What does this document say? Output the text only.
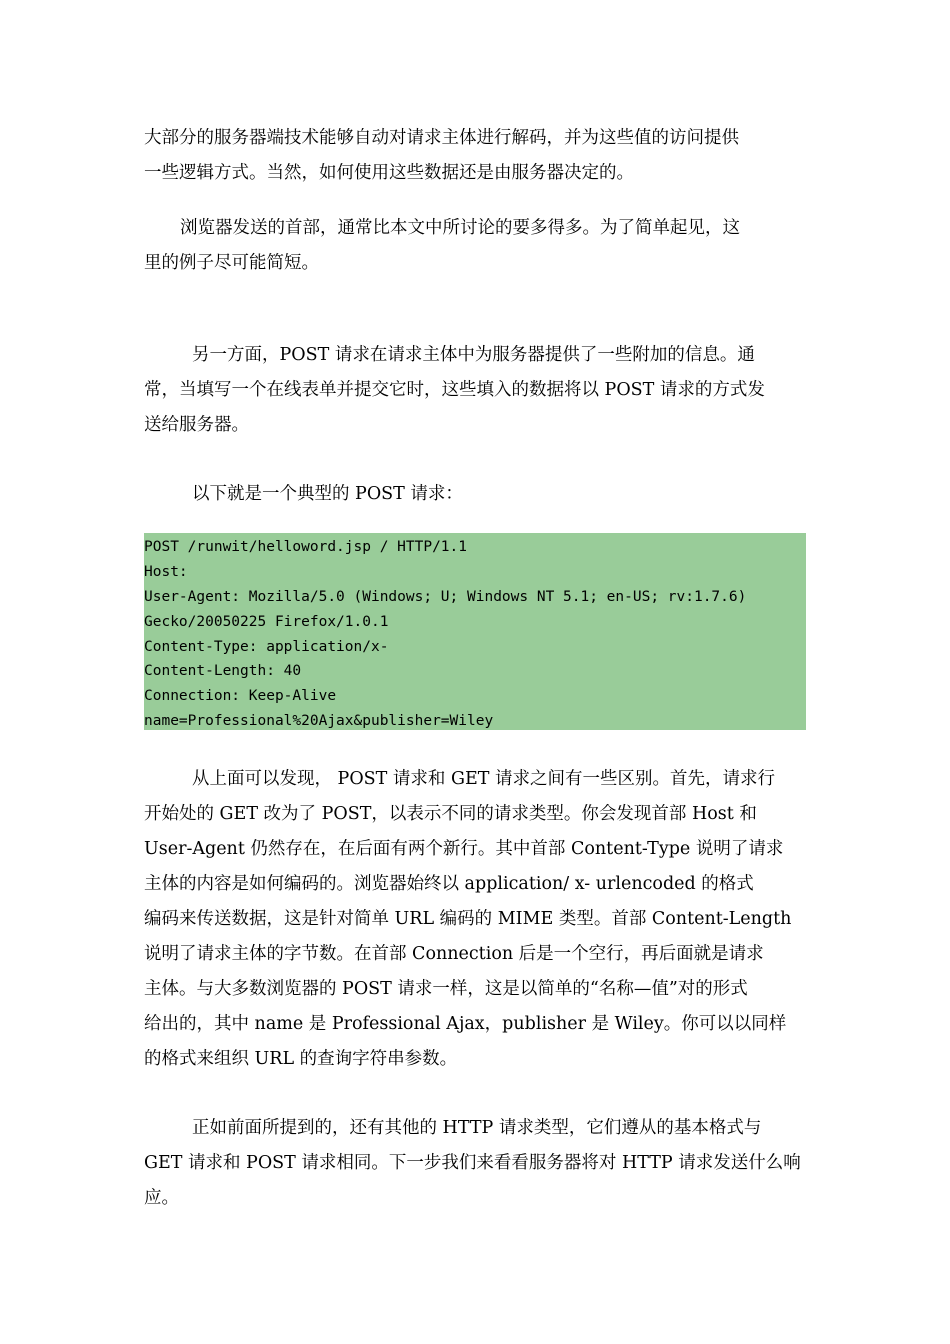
大部分的服务器端技术能够自动对请求主体进行解码，并为这些值的访问提供
一些逻辑方式。当然，如何使用这些数据还是由服务器决定的。
浏览器发送的首部，通常比本文中所讨论的要多得多。为了简单起见，这
里的例子尽可能简短。
另一方面，POST 请求在请求主体中为服务器提供了一些附加的信息。通
常，当填写一个在线表单并提交它时，这些填入的数据将以 POST 请求的方式发
送给服务器。
以下就是一个典型的 POST 请求：
POST /runwit/helloword.jsp / HTTP/1.1
Host:
User-Agent: Mozilla/5.0 (Windows; U; Windows NT 5.1; en-US; rv:1.7.6)
Gecko/20050225 Firefox/1.0.1
Content-Type: application/x-
Content-Length: 40
Connection: Keep-Alive
name=Professional%20Ajax&publisher=Wiley
从上面可以发现， POST 请求和 GET 请求之间有一些区别。首先，请求行
开始处的 GET 改为了 POST，以表示不同的请求类型。你会发现首部 Host 和
User-Agent 仍然存在，在后面有两个新行。其中首部 Content-Type 说明了请求
主体的内容是如何编码的。浏览器始终以 application/ x- urlencoded 的格式
编码来传送数据，这是针对简单 URL 编码的 MIME 类型。首部 Content-Length
说明了请求主体的字节数。在首部 Connection 后是一个空行，再后面就是请求
主体。与大多数浏览器的 POST 请求一样，这是以简单的“名称—值”对的形式
给出的，其中 name 是 Professional Ajax，publisher 是 Wiley。你可以以同样
的格式来组织 URL 的查询字符串参数。
正如前面所提到的，还有其他的 HTTP 请求类型，它们遵从的基本格式与
GET 请求和 POST 请求相同。下一步我们来看看服务器将对 HTTP 请求发送什么响
应。
